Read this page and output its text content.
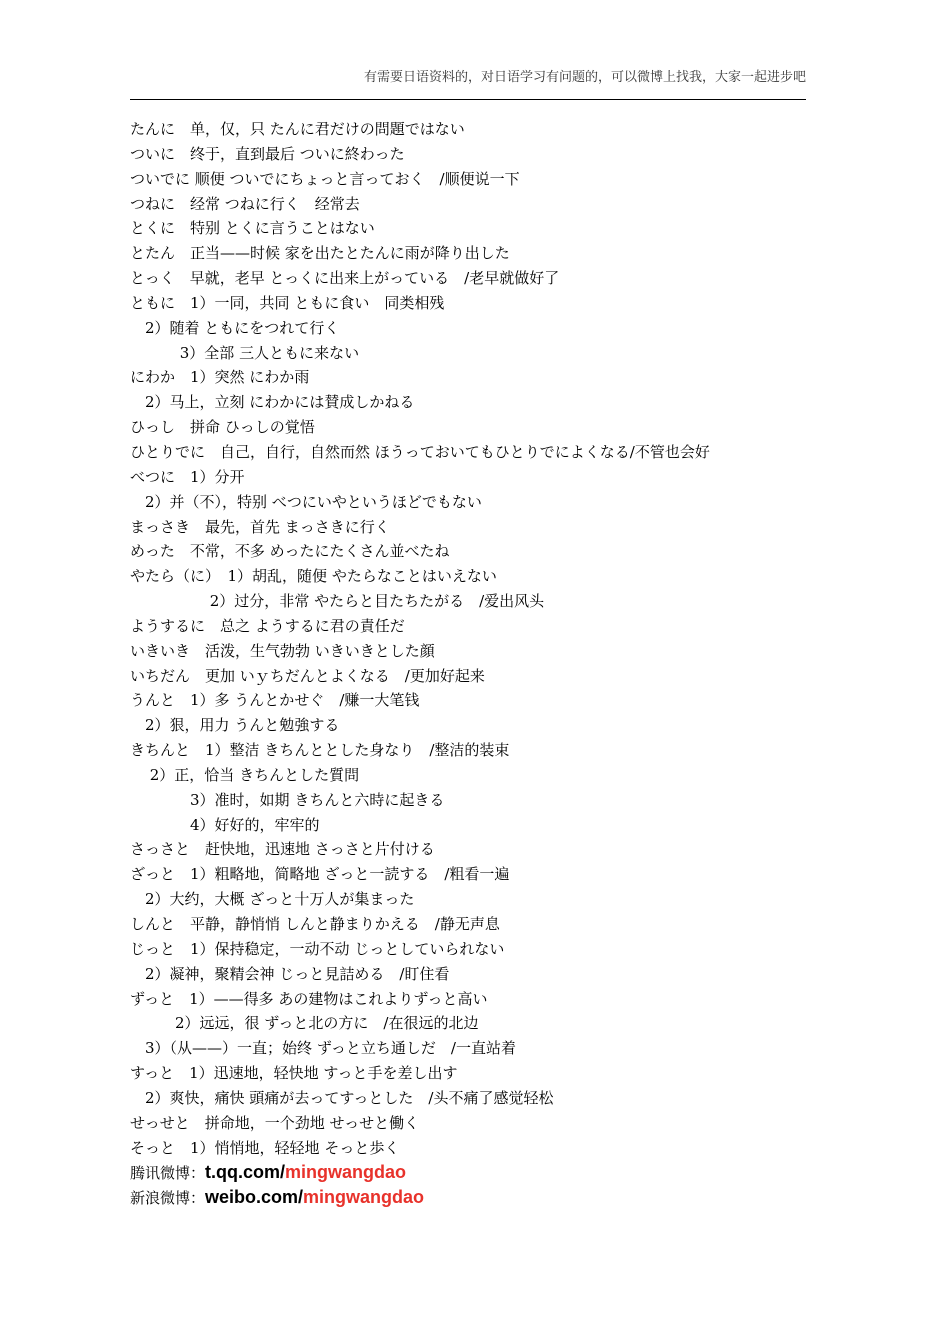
有需要日语资料的，对日语学习有问题的，可以微博上找我，大家一起进步吧
たんに　单，仅，只 たんに君だけの問題ではない
ついに　终于，直到最后 ついに終わった
ついでに 顺便 ついでにちょっと言っておく　/顺便说一下
つねに　经常 つねに行く　经常去
とくに　特别 とくに言うことはない
とたん　正当——时候 家を出たとたんに雨が降り出した
とっく　早就，老早 とっくに出来上がっている　/老早就做好了
ともに　1）一同，共同 ともに食い　同类相残
　2）随着 ともにをつれて行く
　　　 3）全部 三人ともに来ない
にわか　1）突然 にわか雨
　2）马上，立刻 にわかには賛成しかねる
ひっし　拼命 ひっしの覚悟
ひとりでに　自己，自行，自然而然 ほうっておいてもひとりでによくなる/不管也会好
べつに　1）分开
　2）并（不），特别 べつにいやというほどでもない
まっさき　最先，首先 まっさきに行く
めった　不常，不多 めったにたくさん並べたね
やたら（に）　1）胡乱，随便 やたらなことはいえない
　　　　　 2）过分，非常 やたらと目たちたがる　/爱出风头
ようするに　总之 ようするに君の責任だ
いきいき　活泼，生气勃勃 いきいきとした顔
いちだん　更加 いｙちだんとよくなる　/更加好起来
うんと　1）多 うんとかせぐ　/赚一大笔钱
　2）狠，用力 うんと勉強する
きちんと　1）整洁 きちんととした身なり　/整洁的装束
　 2）正，恰当 きちんとした質問
　　　　3）准时，如期 きちんと六時に起きる
　　　　4）好好的，牢牢的
さっさと　赶快地，迅速地 さっさと片付ける
ざっと　1）粗略地，简略地 ざっと一読する　/粗看一遍
　2）大约，大概 ざっと十万人が集まった
しんと　平静，静悄悄 しんと静まりかえる　/静无声息
じっと　1）保持稳定，一动不动 じっとしていられない
　2）凝神，聚精会神 じっと見詰める　/盯住看
ずっと　1）——得多 あの建物はこれよりずっと高い
　　　2）远远，很 ずっと北の方に　/在很远的北边
　3）（从——）一直；始终 ずっと立ち通しだ　/一直站着
すっと　1）迅速地，轻快地 すっと手を差し出す
　2）爽快，痛快 頭痛が去ってすっとした　/头不痛了感觉轻松
せっせと　拼命地，一个劲地 せっせと働く
そっと　1）悄悄地，轻轻地 そっと歩く
腾讯微博：t.qq.com/mingwangdao
新浪微博：weibo.com/mingwangdao
